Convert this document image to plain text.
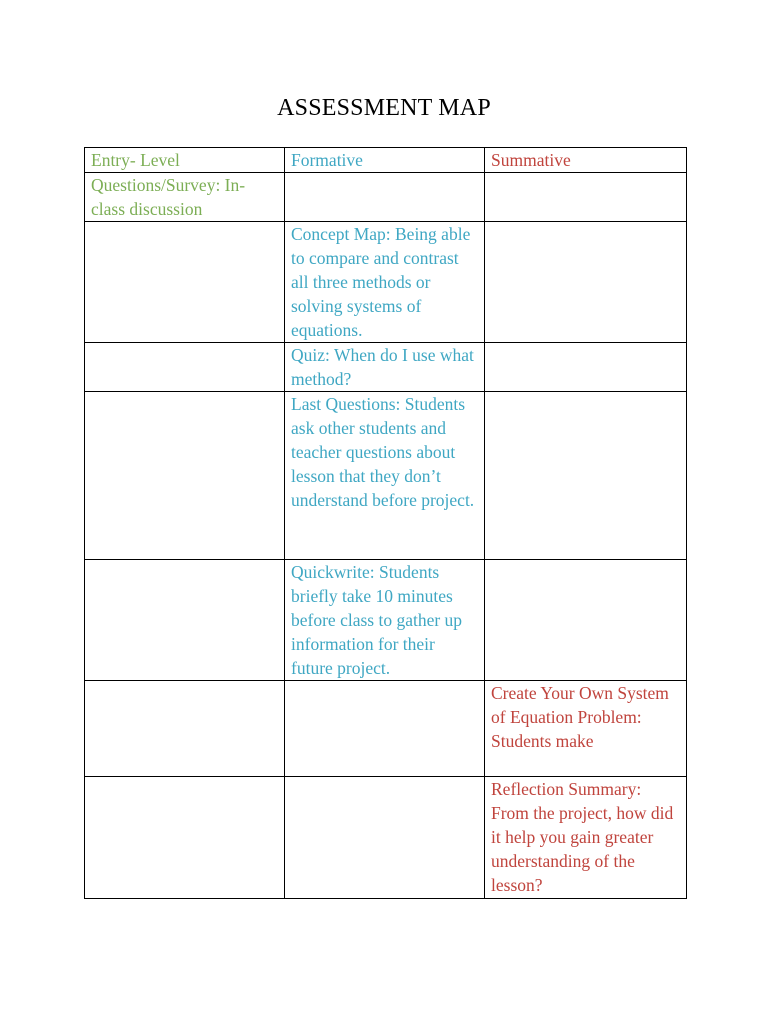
ASSESSMENT MAP
Entry- Level	Formative	Summative
Questions/Survey: In-class discussion		
	Concept Map: Being able to compare and contrast all three methods or solving systems of equations.	
	Quiz: When do I use what method?	
	Last Questions: Students ask other students and teacher questions about lesson that they don’t understand before project.	
	Quickwrite: Students briefly take 10 minutes before class to gather up information for their future project.	
		Create Your Own System of Equation Problem: Students make
		Reflection Summary: From the project, how did it help you gain greater understanding of the lesson?
